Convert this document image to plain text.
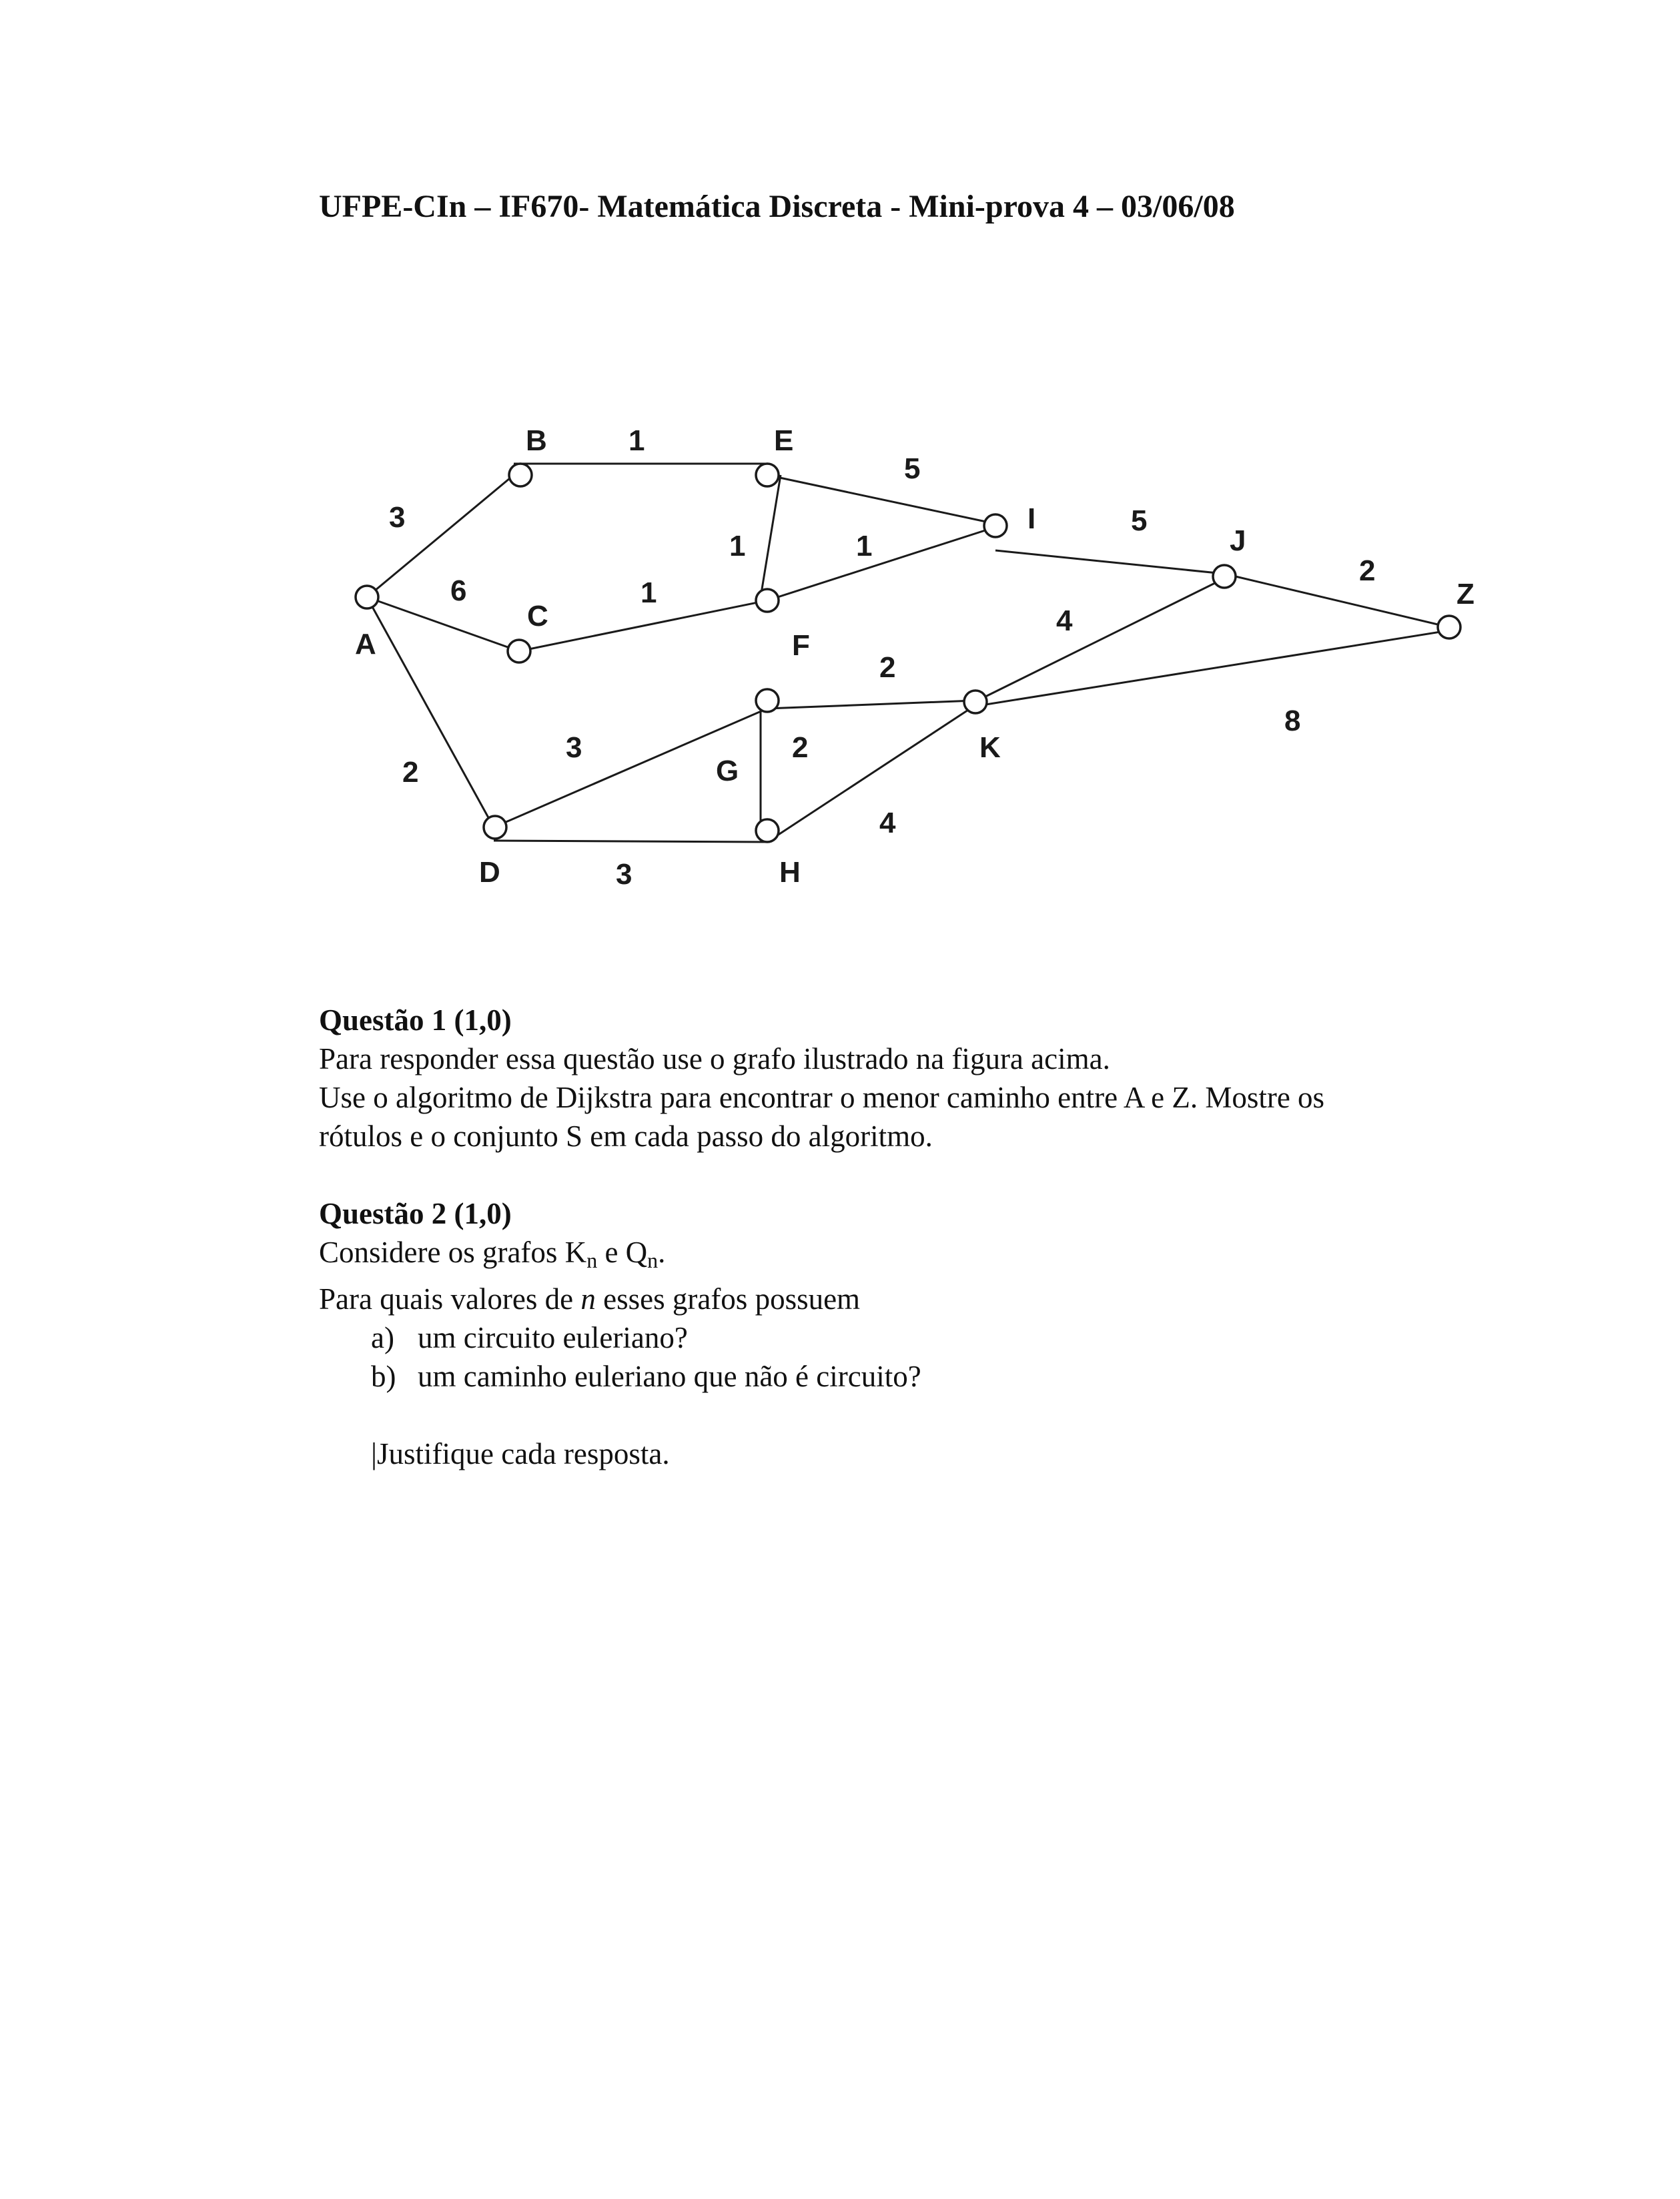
UFPE-CIn – IF670- Matemática Discreta - Mini-prova 4 – 03/06/08
A
B
C
D
E
F
G
H
I
J
K
Z
3
6
2
1
1
3
3
1
5
1
2
2
4
5
4
2
8
Questão 1 (1,0)
Para responder essa questão use o grafo ilustrado na figura acima.
Use o algoritmo de Dijkstra para encontrar o menor caminho entre A e Z. Mostre os
rótulos e o conjunto S em cada passo do algoritmo.
Questão 2 (1,0)
Considere os grafos $K_n$ e $Q_n$.
Para quais valores de n esses grafos possuem
a) um circuito euleriano?
b) um caminho euleriano que não é circuito?
|Justifique cada resposta.
